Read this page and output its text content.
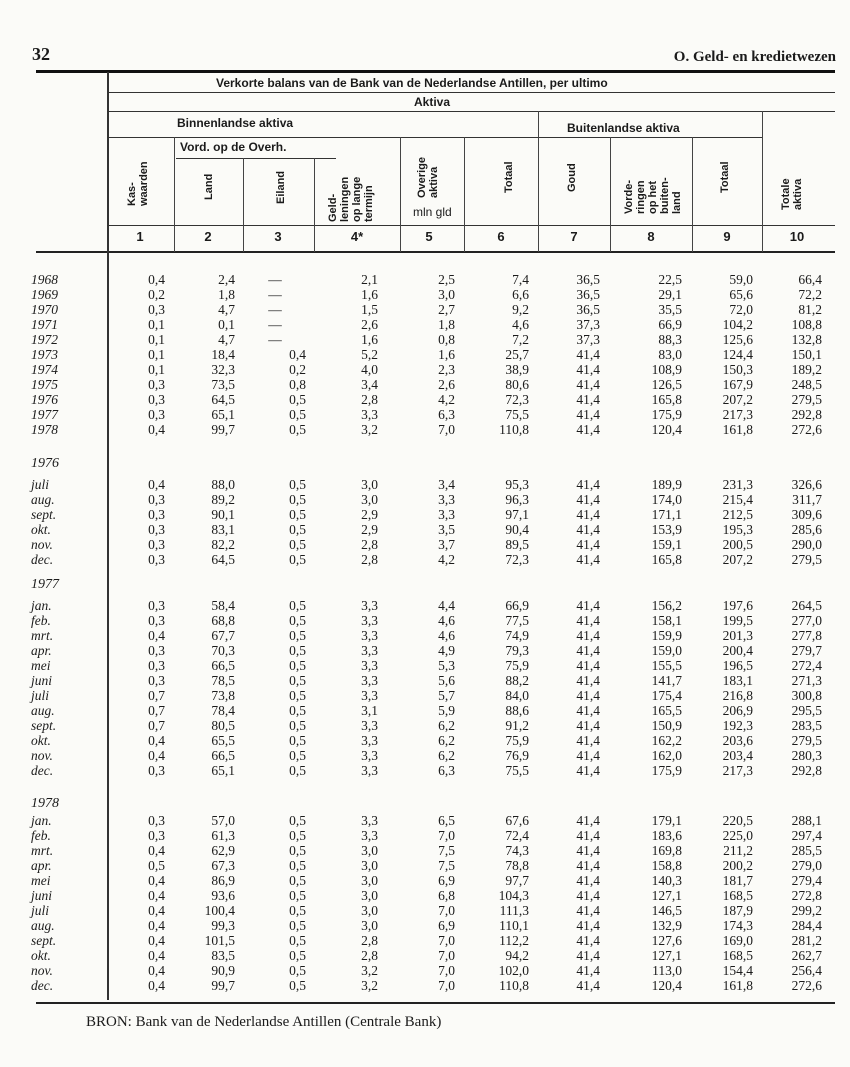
32	O. Geld- en kredietwezen
Verkorte balans van de Bank van de Nederlandse Antillen, per ultimo
Aktiva
Binnenlandse aktiva
Vord. op de Overh.
Buitenlandse aktiva
Kas-
waarden	Land	Eiland
Geld-
leningen
op lange
termijn
Overige
aktiva	Totaal	Goud
Vorde-
ringen
op het
buiten-
land
Totaal
Totale
aktiva
mln gld
1	2	3	4*	5	6	7	8	9	10
1968	0,4	2,4	—	2,1	2,5	7,4	36,5	22,5	59,0	66,4
1969	0,2	1,8	—	1,6	3,0	6,6	36,5	29,1	65,6	72,2
1970	0,3	4,7	—	1,5	2,7	9,2	36,5	35,5	72,0	81,2
1971	0,1	0,1	—	2,6	1,8	4,6	37,3	66,9	104,2	108,8
1972	0,1	4,7	—	1,6	0,8	7,2	37,3	88,3	125,6	132,8
1973	0,1	18,4	0,4	5,2	1,6	25,7	41,4	83,0	124,4	150,1
1974	0,1	32,3	0,2	4,0	2,3	38,9	41,4	108,9	150,3	189,2
1975	0,3	73,5	0,8	3,4	2,6	80,6	41,4	126,5	167,9	248,5
1976	0,3	64,5	0,5	2,8	4,2	72,3	41,4	165,8	207,2	279,5
1977	0,3	65,1	0,5	3,3	6,3	75,5	41,4	175,9	217,3	292,8
1978	0,4	99,7	0,5	3,2	7,0	110,8	41,4	120,4	161,8	272,6
1976
juli	0,4	88,0	0,5	3,0	3,4	95,3	41,4	189,9	231,3	326,6
aug.	0,3	89,2	0,5	3,0	3,3	96,3	41,4	174,0	215,4	311,7
sept.	0,3	90,1	0,5	2,9	3,3	97,1	41,4	171,1	212,5	309,6
okt.	0,3	83,1	0,5	2,9	3,5	90,4	41,4	153,9	195,3	285,6
nov.	0,3	82,2	0,5	2,8	3,7	89,5	41,4	159,1	200,5	290,0
dec.	0,3	64,5	0,5	2,8	4,2	72,3	41,4	165,8	207,2	279,5
1977
jan.	0,3	58,4	0,5	3,3	4,4	66,9	41,4	156,2	197,6	264,5
feb.	0,3	68,8	0,5	3,3	4,6	77,5	41,4	158,1	199,5	277,0
mrt.	0,4	67,7	0,5	3,3	4,6	74,9	41,4	159,9	201,3	277,8
apr.	0,3	70,3	0,5	3,3	4,9	79,3	41,4	159,0	200,4	279,7
mei	0,3	66,5	0,5	3,3	5,3	75,9	41,4	155,5	196,5	272,4
juni	0,3	78,5	0,5	3,3	5,6	88,2	41,4	141,7	183,1	271,3
juli	0,7	73,8	0,5	3,3	5,7	84,0	41,4	175,4	216,8	300,8
aug.	0,7	78,4	0,5	3,1	5,9	88,6	41,4	165,5	206,9	295,5
sept.	0,7	80,5	0,5	3,3	6,2	91,2	41,4	150,9	192,3	283,5
okt.	0,4	65,5	0,5	3,3	6,2	75,9	41,4	162,2	203,6	279,5
nov.	0,4	66,5	0,5	3,3	6,2	76,9	41,4	162,0	203,4	280,3
dec.	0,3	65,1	0,5	3,3	6,3	75,5	41,4	175,9	217,3	292,8
1978
jan.	0,3	57,0	0,5	3,3	6,5	67,6	41,4	179,1	220,5	288,1
feb.	0,3	61,3	0,5	3,3	7,0	72,4	41,4	183,6	225,0	297,4
mrt.	0,4	62,9	0,5	3,0	7,5	74,3	41,4	169,8	211,2	285,5
apr.	0,5	67,3	0,5	3,0	7,5	78,8	41,4	158,8	200,2	279,0
mei	0,4	86,9	0,5	3,0	6,9	97,7	41,4	140,3	181,7	279,4
juni	0,4	93,6	0,5	3,0	6,8	104,3	41,4	127,1	168,5	272,8
juli	0,4	100,4	0,5	3,0	7,0	111,3	41,4	146,5	187,9	299,2
aug.	0,4	99,3	0,5	3,0	6,9	110,1	41,4	132,9	174,3	284,4
sept.	0,4	101,5	0,5	2,8	7,0	112,2	41,4	127,6	169,0	281,2
okt.	0,4	83,5	0,5	2,8	7,0	94,2	41,4	127,1	168,5	262,7
nov.	0,4	90,9	0,5	3,2	7,0	102,0	41,4	113,0	154,4	256,4
dec.	0,4	99,7	0,5	3,2	7,0	110,8	41,4	120,4	161,8	272,6
BRON: Bank van de Nederlandse Antillen (Centrale Bank)
